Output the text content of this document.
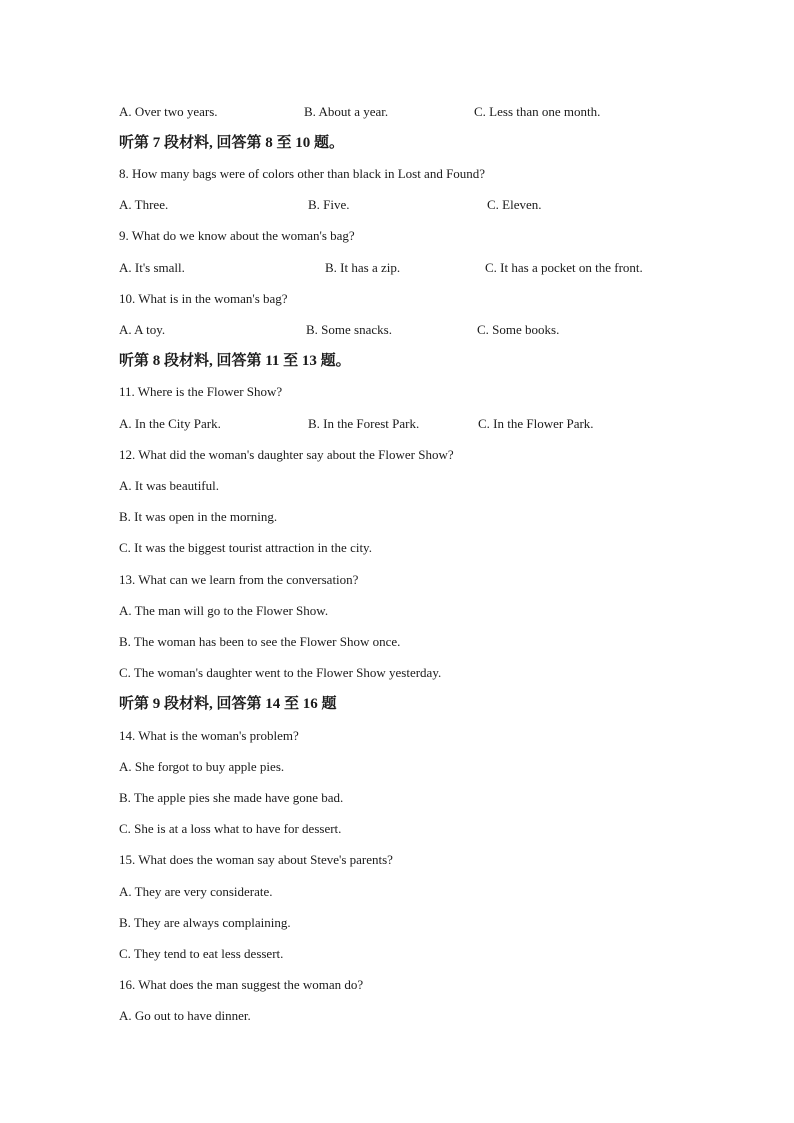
A. Over two years.	B. About a year.	C. Less than one month.
听第 7 段材料, 回答第 8 至 10 题。
8. How many bags were of colors other than black in Lost and Found?
A. Three.	B. Five.	C. Eleven.
9. What do we know about the woman's bag?
A. It's small.	B. It has a zip.	C. It has a pocket on the front.
10. What is in the woman's bag?
A. A toy.	B. Some snacks.	C. Some books.
听第 8 段材料, 回答第 11 至 13 题。
11. Where is the Flower Show?
A. In the City Park.	B. In the Forest Park.	C. In the Flower Park.
12. What did the woman's daughter say about the Flower Show?
A. It was beautiful.
B. It was open in the morning.
C. It was the biggest tourist attraction in the city.
13. What can we learn from the conversation?
A. The man will go to the Flower Show.
B. The woman has been to see the Flower Show once.
C. The woman's daughter went to the Flower Show yesterday.
听第 9 段材料, 回答第 14 至 16 题
14. What is the woman's problem?
A. She forgot to buy apple pies.
B. The apple pies she made have gone bad.
C. She is at a loss what to have for dessert.
15. What does the woman say about Steve's parents?
A. They are very considerate.
B. They are always complaining.
C. They tend to eat less dessert.
16. What does the man suggest the woman do?
A. Go out to have dinner.
